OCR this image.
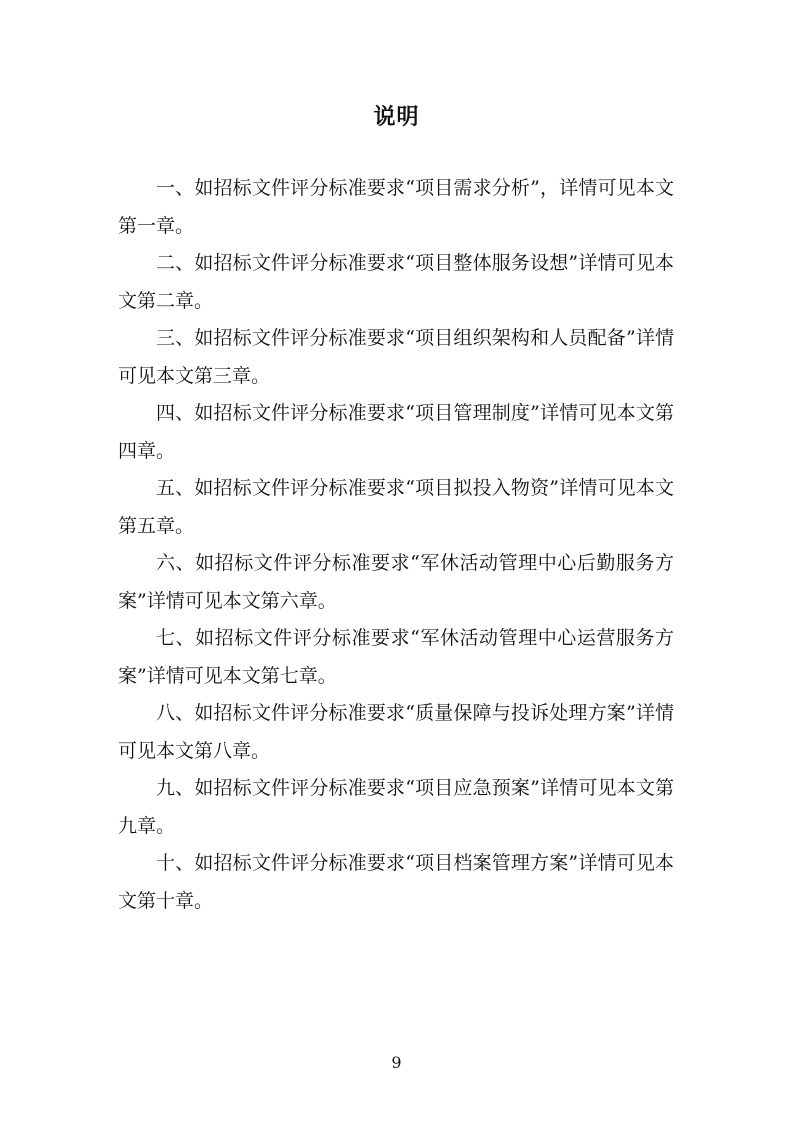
说明

一、如招标文件评分标准要求“项目需求分析”，详情可见本文第一章。

二、如招标文件评分标准要求“项目整体服务设想”详情可见本文第二章。

三、如招标文件评分标准要求“项目组织架构和人员配备”详情可见本文第三章。

四、如招标文件评分标准要求“项目管理制度”详情可见本文第四章。

五、如招标文件评分标准要求“项目拟投入物资”详情可见本文第五章。

六、如招标文件评分标准要求“军休活动管理中心后勤服务方案”详情可见本文第六章。

七、如招标文件评分标准要求“军休活动管理中心运营服务方案”详情可见本文第七章。

八、如招标文件评分标准要求“质量保障与投诉处理方案”详情可见本文第八章。

九、如招标文件评分标准要求“项目应急预案”详情可见本文第九章。

十、如招标文件评分标准要求“项目档案管理方案”详情可见本文第十章。

9
